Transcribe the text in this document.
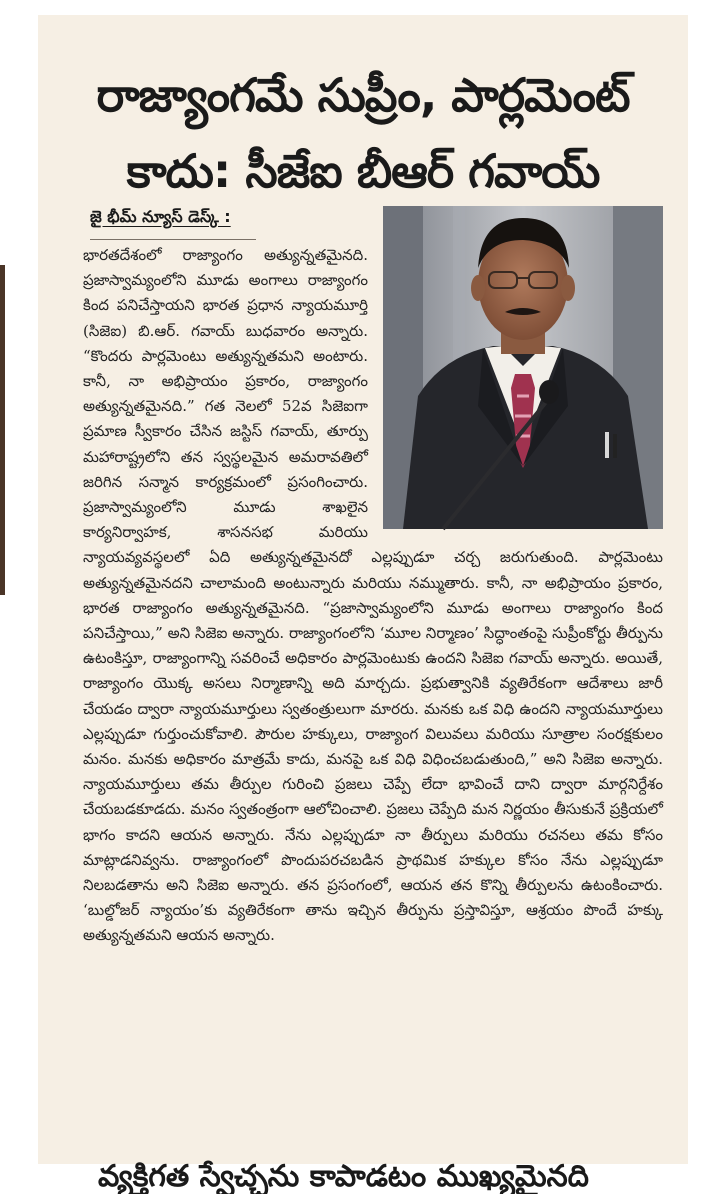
రాజ్యాంగమే సుప్రీం, పార్లమెంట్
కాదు: సీజేఐ బీఆర్ గవాయ్
జై భీమ్ న్యూస్ డెస్క్ :

భారతదేశంలో రాజ్యాంగం అత్యున్నతమైనది. ప్రజాస్వామ్యంలోని మూడు అంగాలు రాజ్యాంగం కింద పనిచేస్తాయని భారత ప్రధాన న్యాయమూర్తి (సిజెఐ) బి.ఆర్. గవాయ్ బుధవారం అన్నారు. “కొందరు పార్లమెంటు అత్యున్నతమని అంటారు. కానీ, నా అభిప్రాయం ప్రకారం, రాజ్యాంగం అత్యున్నతమైనది.” గత నెలలో 52వ సిజెఐగా ప్రమాణ స్వీకారం చేసిన జస్టిస్ గవాయ్, తూర్పు మహారాష్ట్రలోని తన స్వస్థలమైన అమరావతిలో జరిగిన సన్మాన కార్యక్రమంలో ప్రసంగించారు. ప్రజాస్వామ్యంలోని మూడు శాఖలైన కార్యనిర్వాహక, శాసనసభ మరియు న్యాయవ్యవస్థలలో ఏది అత్యున్నతమైనదో ఎల్లప్పుడూ చర్చ జరుగుతుంది. పార్లమెంటు అత్యున్నతమైనదని చాలామంది అంటున్నారు మరియు నమ్ముతారు. కానీ, నా అభిప్రాయం ప్రకారం, భారత రాజ్యాంగం అత్యున్నతమైనది. “ప్రజాస్వామ్యంలోని మూడు అంగాలు రాజ్యాంగం కింద పనిచేస్తాయి,” అని సిజెఐ అన్నారు. రాజ్యాంగంలోని ‘మూల నిర్మాణం’ సిద్ధాంతంపై సుప్రీంకోర్టు తీర్పును ఉటంకిస్తూ, రాజ్యాంగాన్ని సవరించే అధికారం పార్లమెంటుకు ఉందని సిజెఐ గవాయ్ అన్నారు. అయితే, రాజ్యాంగం యొక్క అసలు నిర్మాణాన్ని అది మార్చదు. ప్రభుత్వానికి వ్యతిరేకంగా ఆదేశాలు జారీ చేయడం ద్వారా న్యాయమూర్తులు స్వతంత్రులుగా మారరు. మనకు ఒక విధి ఉందని న్యాయమూర్తులు ఎల్లప్పుడూ గుర్తుంచుకోవాలి. పౌరుల హక్కులు, రాజ్యాంగ విలువలు మరియు సూత్రాల సంరక్షకులం మనం. మనకు అధికారం మాత్రమే కాదు, మనపై ఒక విధి విధించబడుతుంది,” అని సిజెఐ అన్నారు. న్యాయమూర్తులు తమ తీర్పుల గురించి ప్రజలు చెప్పే లేదా భావించే దాని ద్వారా మార్గనిర్దేశం చేయబడకూడదు. మనం స్వతంత్రంగా ఆలోచించాలి. ప్రజలు చెప్పేది మన నిర్ణయం తీసుకునే ప్రక్రియలో భాగం కాదని ఆయన అన్నారు. నేను ఎల్లప్పుడూ నా తీర్పులు మరియు రచనలు తమ కోసం మాట్లాడనివ్వను. రాజ్యాంగంలో పొందుపరచబడిన ప్రాథమిక హక్కుల కోసం నేను ఎల్లప్పుడూ నిలబడతాను అని సిజెఐ అన్నారు. తన ప్రసంగంలో, ఆయన తన కొన్ని తీర్పులను ఉటంకించారు. ‘బుల్డోజర్ న్యాయం’కు వ్యతిరేకంగా తాను ఇచ్చిన తీర్పును ప్రస్తావిస్తూ, ఆశ్రయం పొందే హక్కు అత్యున్నతమని ఆయన అన్నారు.

వ్యక్తిగత స్వేచ్ఛను కాపాడటం ముఖ్యమైనది
